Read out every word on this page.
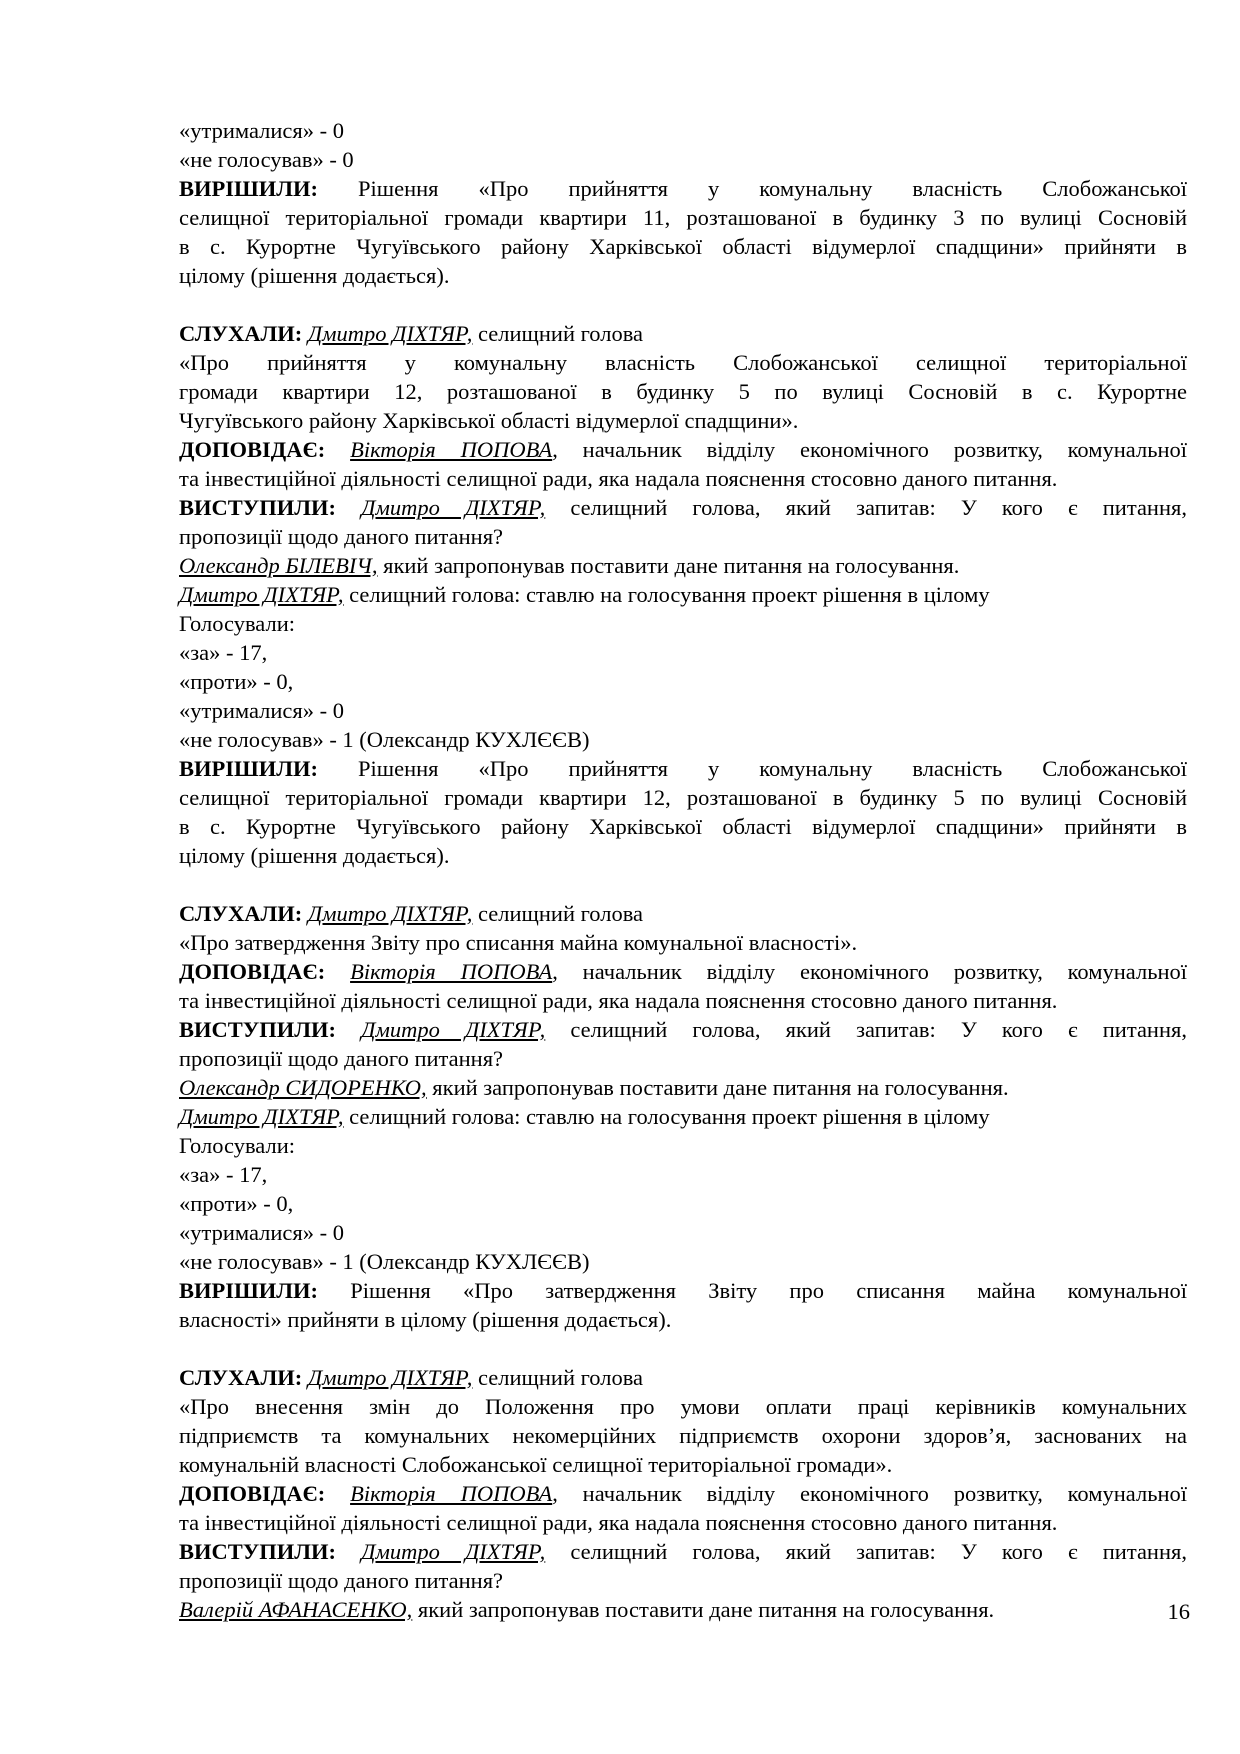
«утрималися» - 0
«не голосував» - 0
ВИРІШИЛИ: Рішення «Про прийняття у комунальну власність Слобожанської
селищної територіальної громади квартири 11, розташованої в будинку 3 по вулиці Сосновій
в с. Курортне Чугуївського району Харківської області відумерлої спадщини» прийняти в
цілому (рішення додається).
СЛУХАЛИ: Дмитро ДІХТЯР, селищний голова
«Про прийняття у комунальну власність Слобожанської селищної територіальної
громади квартири 12, розташованої в будинку 5 по вулиці Сосновій в с. Курортне
Чугуївського району Харківської області відумерлої спадщини».
ДОПОВІДАЄ: Вікторія ПОПОВА, начальник відділу економічного розвитку, комунальної
та інвестиційної діяльності селищної ради, яка надала пояснення стосовно даного питання.
ВИСТУПИЛИ: Дмитро ДІХТЯР, селищний голова, який запитав: У кого є питання,
пропозиції щодо даного питання?
Олександр БІЛЕВІЧ, який запропонував поставити дане питання на голосування.
Дмитро ДІХТЯР, селищний голова: ставлю на голосування проект рішення в цілому
Голосували:
«за» - 17,
«проти» - 0,
«утрималися» - 0
«не голосував» - 1 (Олександр КУХЛЄЄВ)
ВИРІШИЛИ: Рішення «Про прийняття у комунальну власність Слобожанської
селищної територіальної громади квартири 12, розташованої в будинку 5 по вулиці Сосновій
в с. Курортне Чугуївського району Харківської області відумерлої спадщини» прийняти в
цілому (рішення додається).
СЛУХАЛИ: Дмитро ДІХТЯР, селищний голова
«Про затвердження Звіту про списання майна комунальної власності».
ДОПОВІДАЄ: Вікторія ПОПОВА, начальник відділу економічного розвитку, комунальної
та інвестиційної діяльності селищної ради, яка надала пояснення стосовно даного питання.
ВИСТУПИЛИ: Дмитро ДІХТЯР, селищний голова, який запитав: У кого є питання,
пропозиції щодо даного питання?
Олександр СИДОРЕНКО, який запропонував поставити дане питання на голосування.
Дмитро ДІХТЯР, селищний голова: ставлю на голосування проект рішення в цілому
Голосували:
«за» - 17,
«проти» - 0,
«утрималися» - 0
«не голосував» - 1 (Олександр КУХЛЄЄВ)
ВИРІШИЛИ: Рішення «Про затвердження Звіту про списання майна комунальної
власності» прийняти в цілому (рішення додається).
СЛУХАЛИ: Дмитро ДІХТЯР, селищний голова
«Про внесення змін до Положення про умови оплати праці керівників комунальних
підприємств та комунальних некомерційних підприємств охорони здоров’я, заснованих на
комунальній власності Слобожанської селищної територіальної громади».
ДОПОВІДАЄ: Вікторія ПОПОВА, начальник відділу економічного розвитку, комунальної
та інвестиційної діяльності селищної ради, яка надала пояснення стосовно даного питання.
ВИСТУПИЛИ: Дмитро ДІХТЯР, селищний голова, який запитав: У кого є питання,
пропозиції щодо даного питання?
Валерій АФАНАСЕНКО, який запропонував поставити дане питання на голосування.	16
